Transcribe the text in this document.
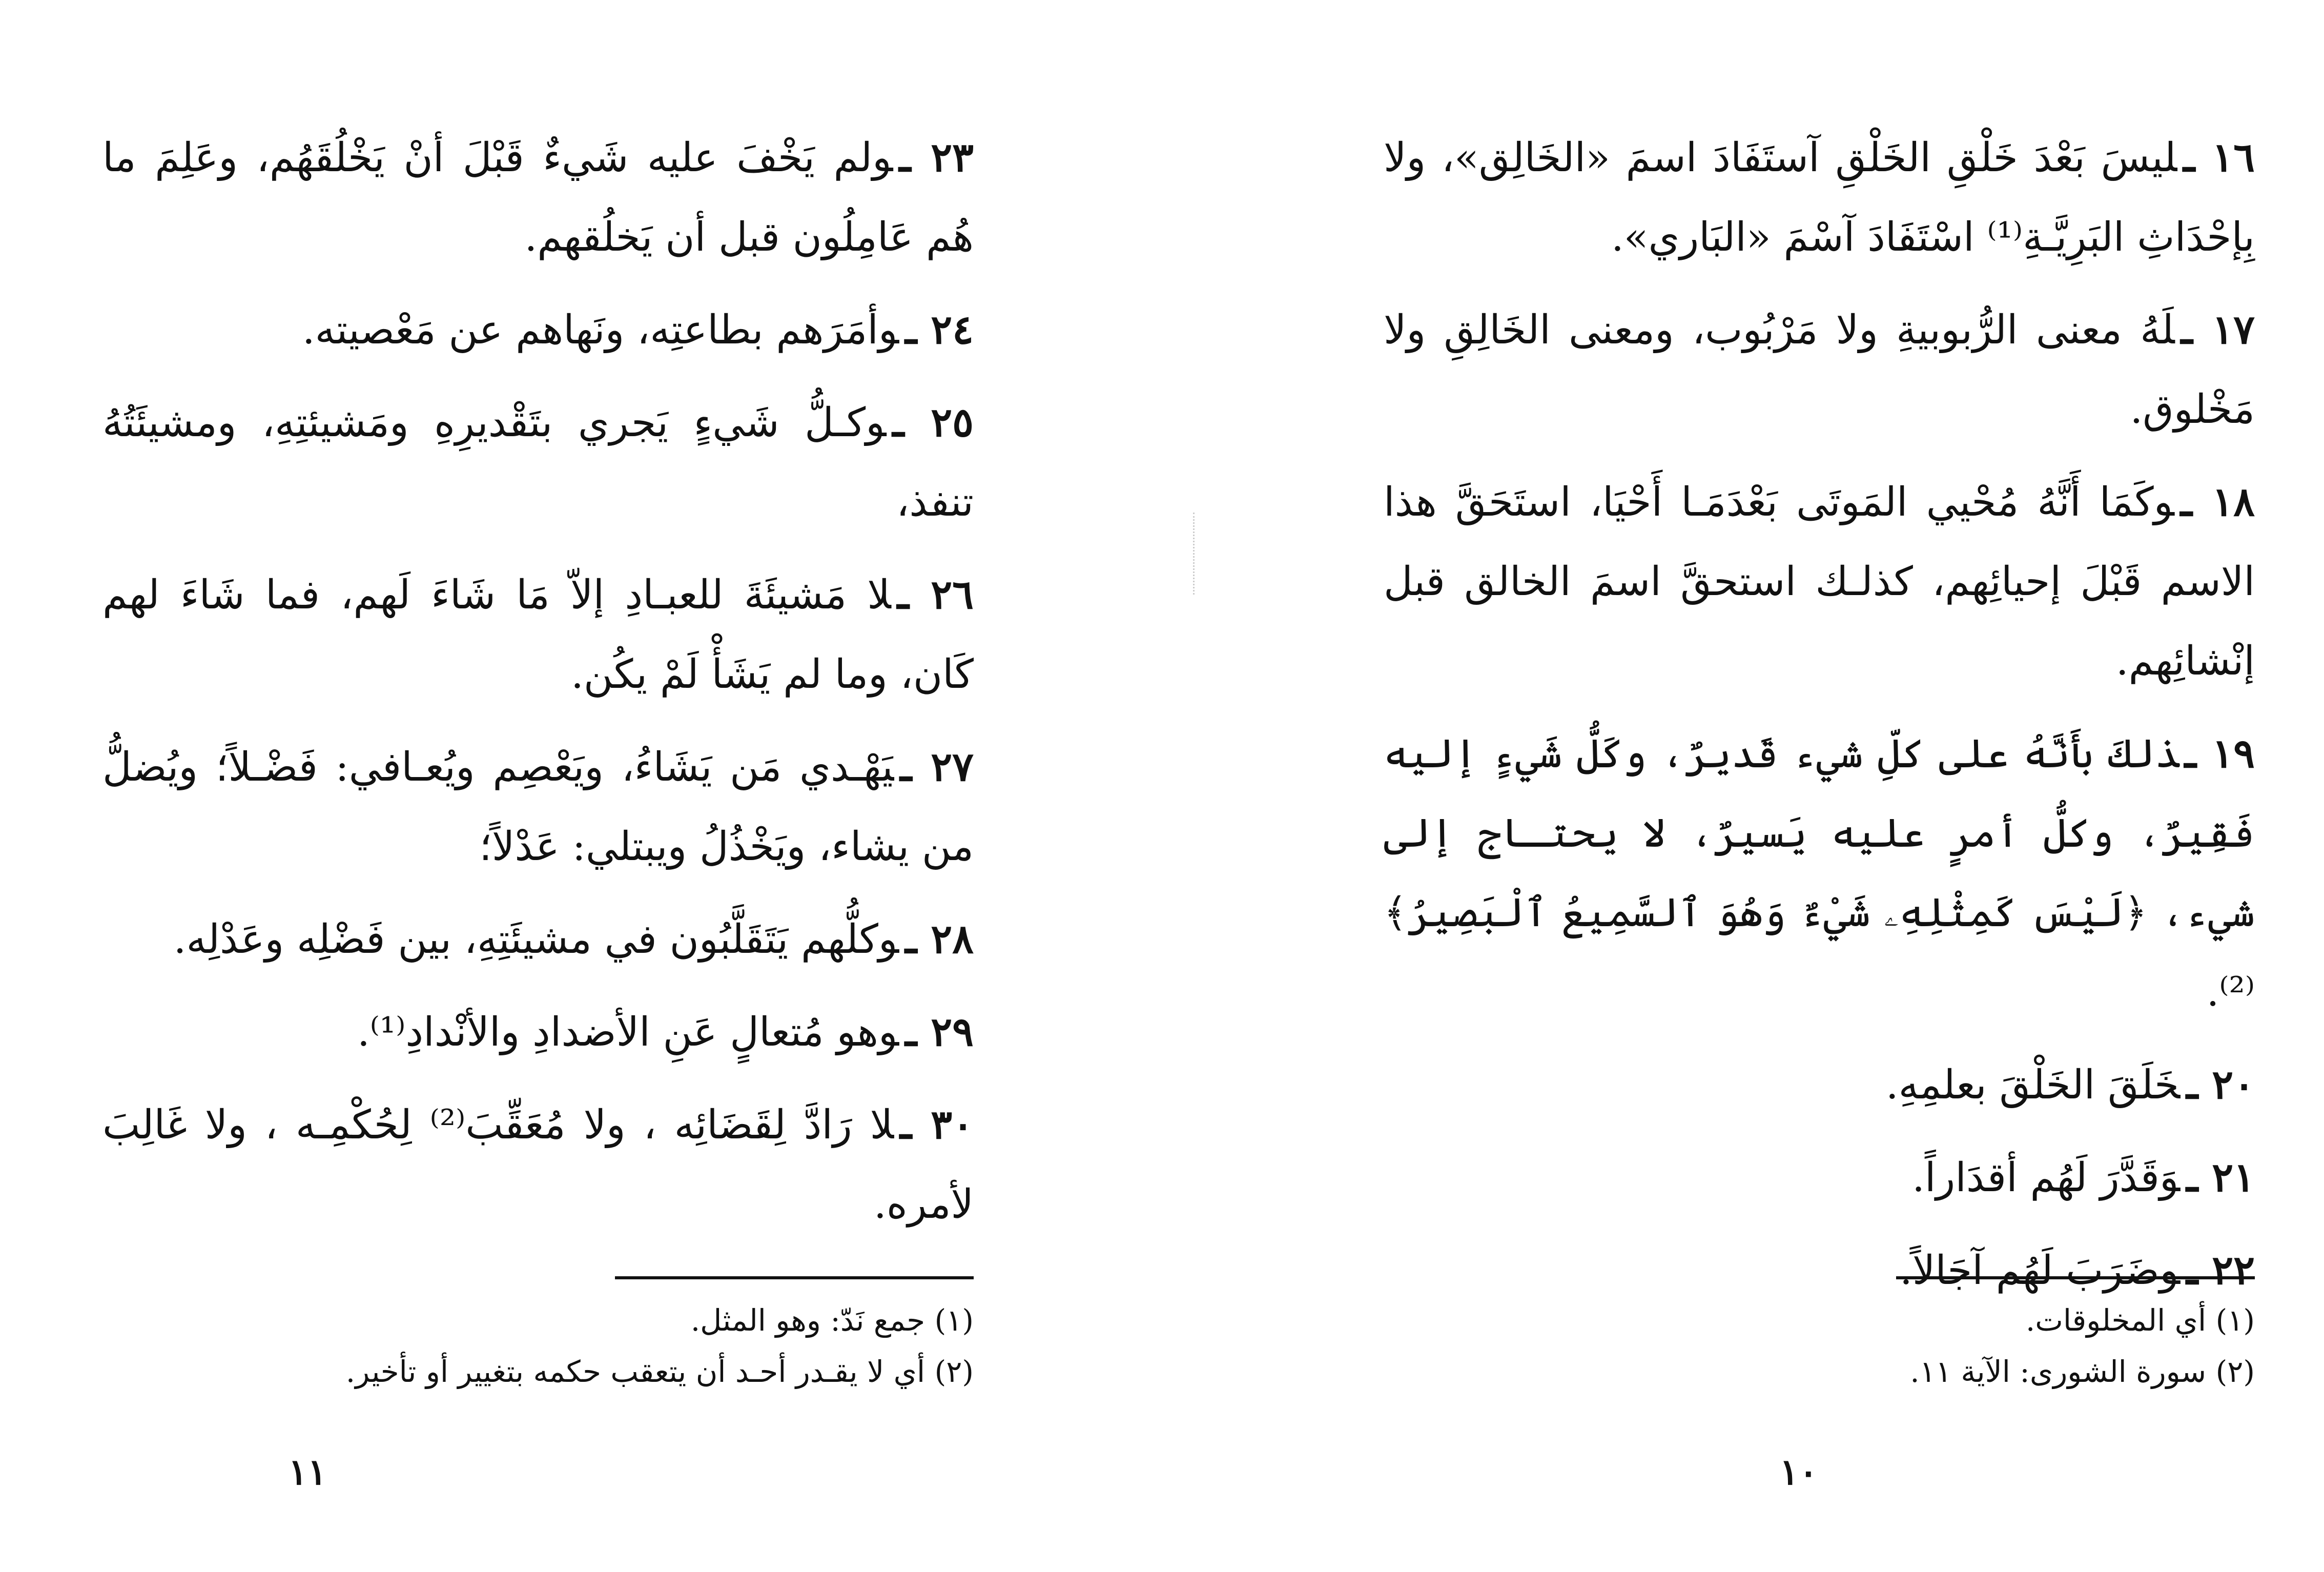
٢٣ ـولم يَخْفَ عليه شَيءٌ قَبْلَ أنْ يَخْلُقَهُم، وعَلِمَ ما هُم عَامِلُون قبل أن يَخلُقهم.

٢٤ ـوأمَرَهم بطاعتِه، ونَهاهم عن مَعْصيته.

٢٥ ـوكـلُّ شَيءٍ يَجري بتَقْديرِهِ ومَشيئتِهِ، ومشيئَتُهُ تنفذ،

٢٦ ـلا مَشيئَةَ للعبـادِ إلاّ مَا شَاءَ لَهم، فما شَاءَ لهم كَان، وما لم يَشَأْ لَمْ يكُن.

٢٧ ـيَهْـدي مَن يَشَاءُ، ويَعْصِم ويُعـافي: فَضْـلاً؛ ويُضلُّ من يشاء، ويَخْذُلُ ويبتلي: عَدْلاً؛

٢٨ ـوكلُّهم يَتَقَلَّبُون في مشيئَتِهِ، بين فَضْلِه وعَدْلِه.

٢٩ ـوهو مُتعالٍ عَنِ الأضدادِ والأنْدادِ⁽¹⁾.

٣٠ ـلا رَادَّ لِقَضَائِه ، ولا مُعَقِّبَ⁽²⁾ لِحُكْمِـه ، ولا غَالِبَ لأمره.

(١) جمع نَدّ: وهو المثل.
(٢) أي لا يقـدر أحـد أن يتعقب حكمه بتغيير أو تأخير.
١١

١٦ ـليسَ بَعْدَ خَلْقِ الخَلْقِ آستَفَادَ اسمَ «الخَالِق»، ولا بِإحْدَاثِ البَرِيَّـةِ⁽¹⁾ اسْتَفَادَ آسْمَ «البَاري».

١٧ ـلَهُ معنى الرُّبوبيةِ ولا مَرْبُوب، ومعنى الخَالِقِ ولا مَخْلوق.

١٨ ـوكَمَا أَنَّهُ مُحْيي المَوتَى بَعْدَمَـا أَحْيَا، استَحَقَّ هذا الاسم قَبْلَ إحيائِهم، كذلـك استحقَّ اسمَ الخالق قبل إنْشائِهم.

١٩ ـذلكَ بأَنَّهُ على كلِّ شيء قَديرٌ، وكَلُّ شَيءٍ إليه فَقِيرٌ، وكلُّ أمرٍ عليه يَسيرٌ، لا يحتـاج إلى شيء، ﴿لَيْسَ كَمِثْلِهِۦ شَيْءٌ وَهُوَ ٱلسَّمِيعُ ٱلْبَصِيرُ﴾⁽²⁾.

٢٠ ـخَلَقَ الخَلْقَ بعلمِهِ.

٢١ ـوَقَدَّرَ لَهُم أقدَاراً.

٢٢ ـوضَرَبَ لَهُم آجَالاً.

(١) أي المخلوقات.
(٢) سورة الشورى: الآية ١١.
١٠
